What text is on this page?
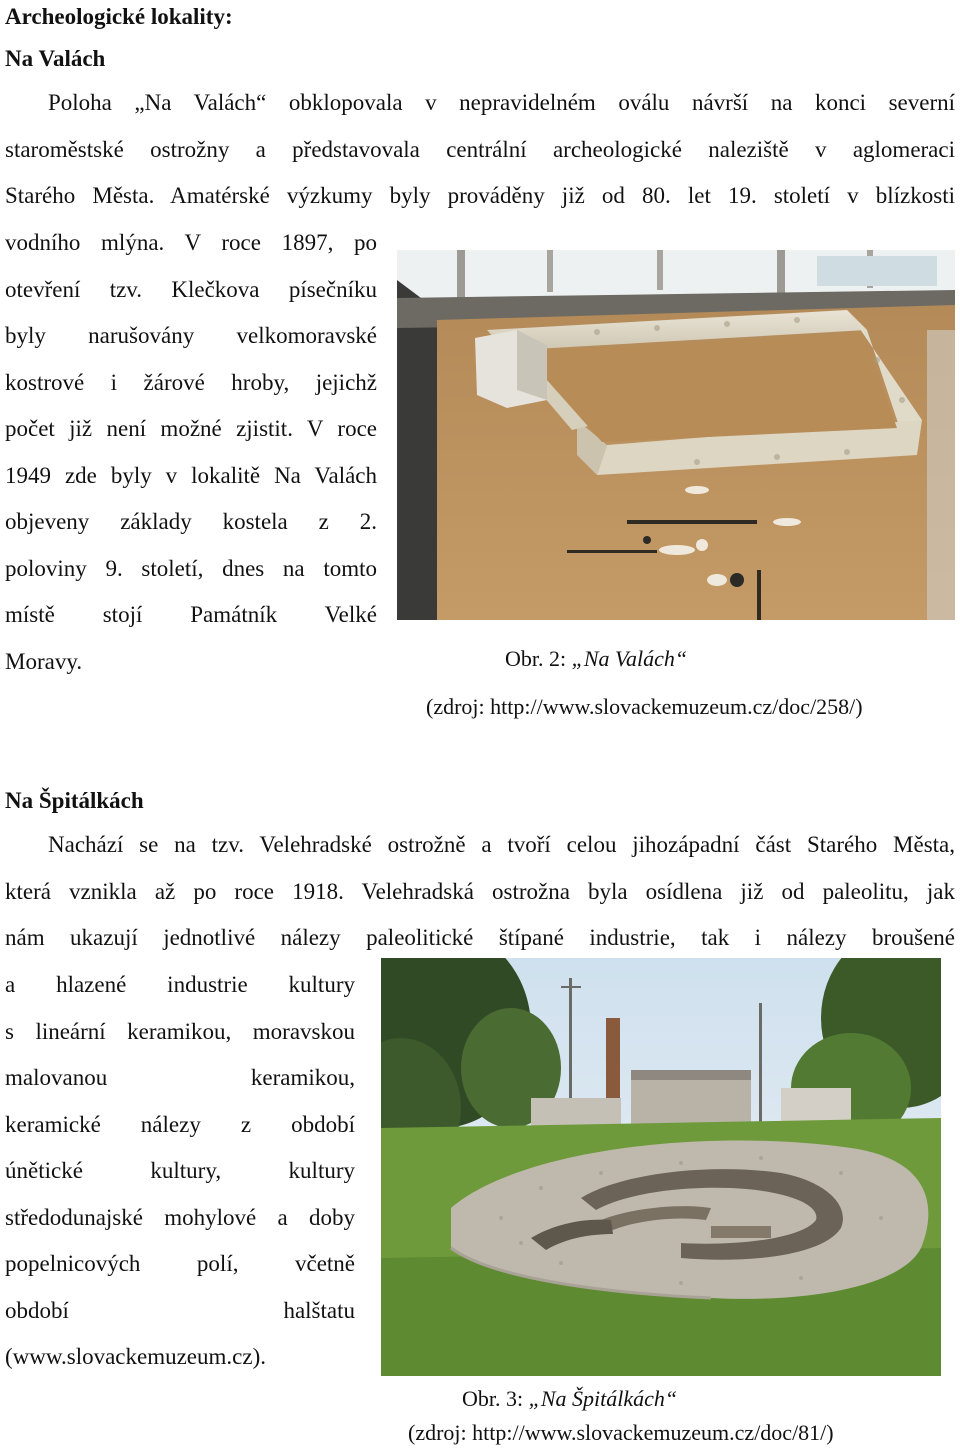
Archeologické lokality:
Na Valách
Poloha „Na Valách“ obklopovala v nepravidelném oválu návrší na konci severní
staroměstské ostrožny a představovala centrální archeologické naleziště v aglomeraci
Starého Města. Amatérské výzkumy byly prováděny již od 80. let 19. století v blízkosti
vodního mlýna. V roce 1897, po
otevření tzv. Klečkova písečníku
byly narušovány velkomoravské
kostrové i žárové hroby, jejichž
počet již není možné zjistit. V roce
1949 zde byly v lokalitě Na Valách
objeveny základy kostela z 2.
poloviny 9. století, dnes na tomto
místě stojí Památník Velké
Moravy.	Obr. 2: „Na Valách“
(zdroj: http://www.slovackemuzeum.cz/doc/258/)
Na Špitálkách
Nachází se na tzv. Velehradské ostrožně a tvoří celou jihozápadní část Starého Města,
která vznikla až po roce 1918. Velehradská ostrožna byla osídlena již od paleolitu, jak
nám ukazují jednotlivé nálezy paleolitické štípané industrie, tak i nálezy broušené
a hlazené industrie kultury
s lineární keramikou, moravskou
malovanou keramikou,
keramické nálezy z období
únětické kultury, kultury
středodunajské mohylové a doby
popelnicových polí, včetně
období halštatu
(www.slovackemuzeum.cz).
Obr. 3: „Na Špitálkách“
(zdroj: http://www.slovackemuzeum.cz/doc/81/)
